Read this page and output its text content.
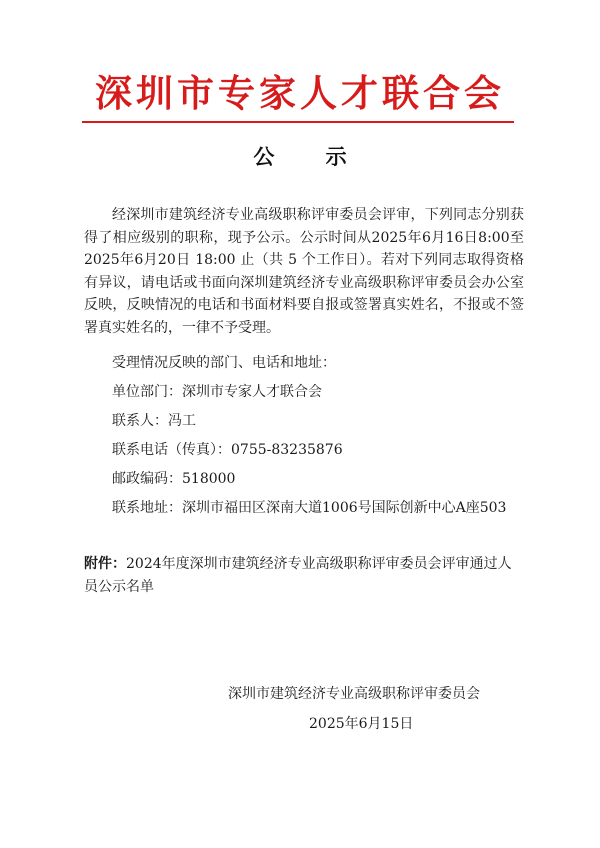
深圳市专家人才联合会
公 示
经深圳市建筑经济专业高级职称评审委员会评审，下列同志分别获得了相应级别的职称，现予公示。公示时间从2025年6月16日8:00至2025年6月20日 18:00 止（共 5 个工作日）。若对下列同志取得资格有异议，请电话或书面向深圳建筑经济专业高级职称评审委员会办公室反映，反映情况的电话和书面材料要自报或签署真实姓名，不报或不签署真实姓名的，一律不予受理。
受理情况反映的部门、电话和地址：
单位部门：深圳市专家人才联合会
联系人：冯工
联系电话（传真）：0755-83235876
邮政编码：518000
联系地址：深圳市福田区深南大道1006号国际创新中心A座503
附件：2024年度深圳市建筑经济专业高级职称评审委员会评审通过人员公示名单
深圳市建筑经济专业高级职称评审委员会
2025年6月15日
